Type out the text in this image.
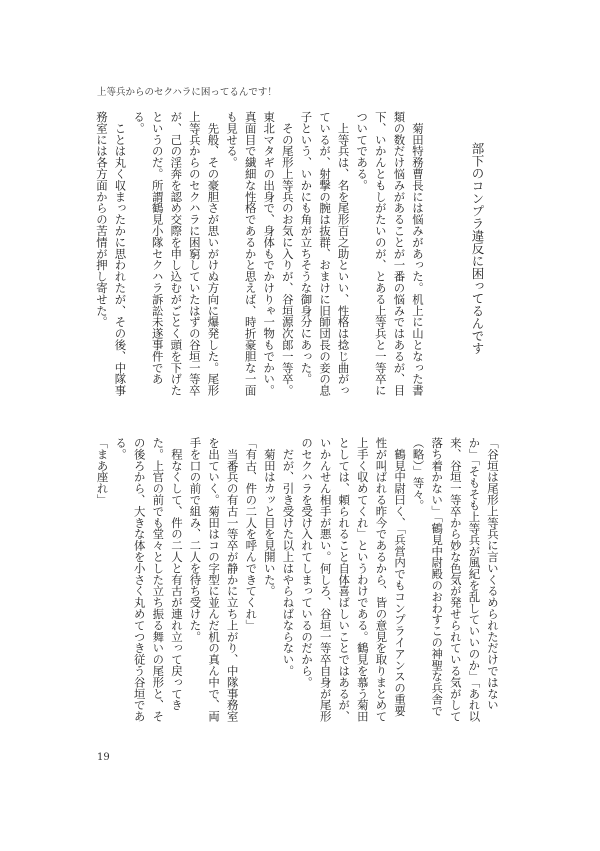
上等兵からのセクハラに困ってるんです！
部下のコンプラ違反に困ってるんです
　菊田特務曹長には悩みがあった。机上に山となった書
類の数だけ悩みがあることが一番の悩みではあるが、目
下、いかんともしがたいのが、とある上等兵と一等卒に
ついてである。
　上等兵は、名を尾形百之助といい、性格は捻じ曲がっ
ているが、射撃の腕は抜群、おまけに旧師団長の妾の息
子という、いかにも角が立ちそうな御身分にあった。
　その尾形上等兵のお気に入りが、谷垣源次郎一等卒。
東北マタギの出身で、身体もでかけりゃ一物もでかい。
真面目で繊細な性格であるかと思えば、時折豪胆な一面
も見せる。
　先般、その豪胆さが思いがけぬ方向に爆発した。尾形
上等兵からのセクハラに困窮していたはずの谷垣一等卒
が、己の淫奔を認め交際を申し込むがごとく頭を下げた
というのだ。所謂鶴見小隊セクハラ訴訟未遂事件であ
る。
　ことは丸く収まったかに思われたが、その後、中隊事
務室には各方面からの苦情が押し寄せた。
「谷垣は尾形上等兵に言いくるめられただけではない
か」「そもそも上等兵が風紀を乱していいのか」「あれ以
来、谷垣一等卒から妙な色気が発せられている気がして
落ち着かない」「鶴見中尉殿のおわすこの神聖な兵舎で
（略）」等々。
　鶴見中尉曰く、「兵営内でもコンプライアンスの重要
性が叫ばれる昨今であるから、皆の意見を取りまとめて
上手く収めてくれ」というわけである。鶴見を慕う菊田
としては、頼られること自体喜ばしいことではあるが、
いかんせん相手が悪い。何しろ、谷垣一等卒自身が尾形
のセクハラを受け入れてしまっているのだから。
　だが、引き受けた以上はやらねばならない。
　菊田はカッと目を見開いた。
「有古、件の二人を呼んできてくれ」
　当番兵の有古一等卒が静かに立ち上がり、中隊事務室
を出ていく。菊田はコの字型に並んだ机の真ん中で、両
手を口の前で組み、二人を待ち受けた。
　程なくして、件の二人と有古が連れ立って戻ってき
た。上官の前でも堂々とした立ち振る舞いの尾形と、そ
の後ろから、大きな体を小さく丸めてつき従う谷垣であ
る。
「まあ座れ」
19
